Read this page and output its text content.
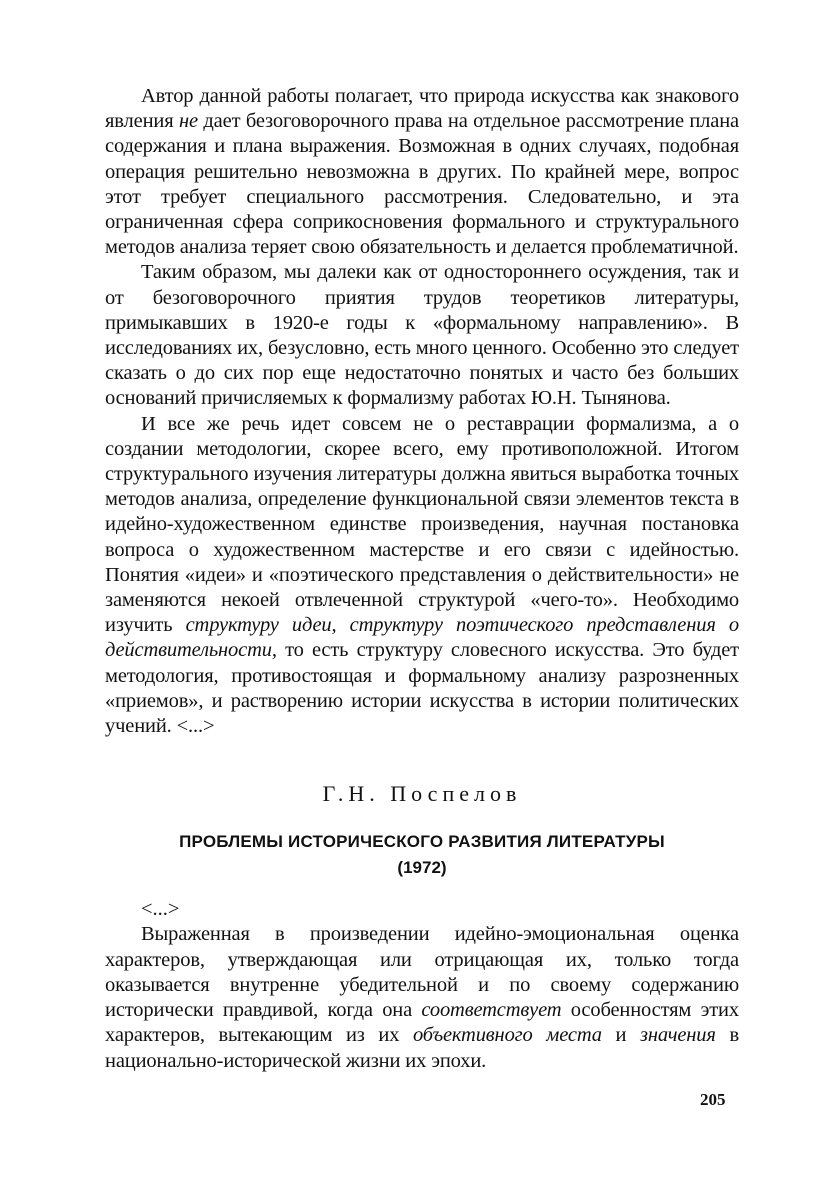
Автор данной работы полагает, что природа искусства как знакового явления не дает безоговорочного права на отдельное рассмотрение плана содержания и плана выражения. Возможная в одних случаях, подобная операция решительно невозможна в других. По крайней мере, вопрос этот требует специального рассмотрения. Следовательно, и эта ограниченная сфера соприкосновения формального и структурального методов анализа теряет свою обязательность и делается проблематичной.

Таким образом, мы далеки как от одностороннего осуждения, так и от безоговорочного приятия трудов теоретиков литературы, примыкавших в 1920-е годы к «формальному направлению». В исследованиях их, безусловно, есть много ценного. Особенно это следует сказать о до сих пор еще недостаточно понятых и часто без больших оснований причисляемых к формализму работах Ю.Н. Тынянова.

И все же речь идет совсем не о реставрации формализма, а о создании методологии, скорее всего, ему противоположной. Итогом структурального изучения литературы должна явиться выработка точных методов анализа, определение функциональной связи элементов текста в идейно-художественном единстве произведения, научная постановка вопроса о художественном мастерстве и его связи с идейностью. Понятия «идеи» и «поэтического представления о действительности» не заменяются некоей отвлеченной структурой «чего-то». Необходимо изучить структуру идеи, структуру поэтического представления о действительности, то есть структуру словесного искусства. Это будет методология, противостоящая и формальному анализу разрозненных «приемов», и растворению истории искусства в истории политических учений. <...>

Г.Н. Поспелов

ПРОБЛЕМЫ ИСТОРИЧЕСКОГО РАЗВИТИЯ ЛИТЕРАТУРЫ

(1972)

<...>

Выраженная в произведении идейно-эмоциональная оценка характеров, утверждающая или отрицающая их, только тогда оказывается внутренне убедительной и по своему содержанию исторически правдивой, когда она соответствует особенностям этих характеров, вытекающим из их объективного места и значения в национально-исторической жизни их эпохи.

205
